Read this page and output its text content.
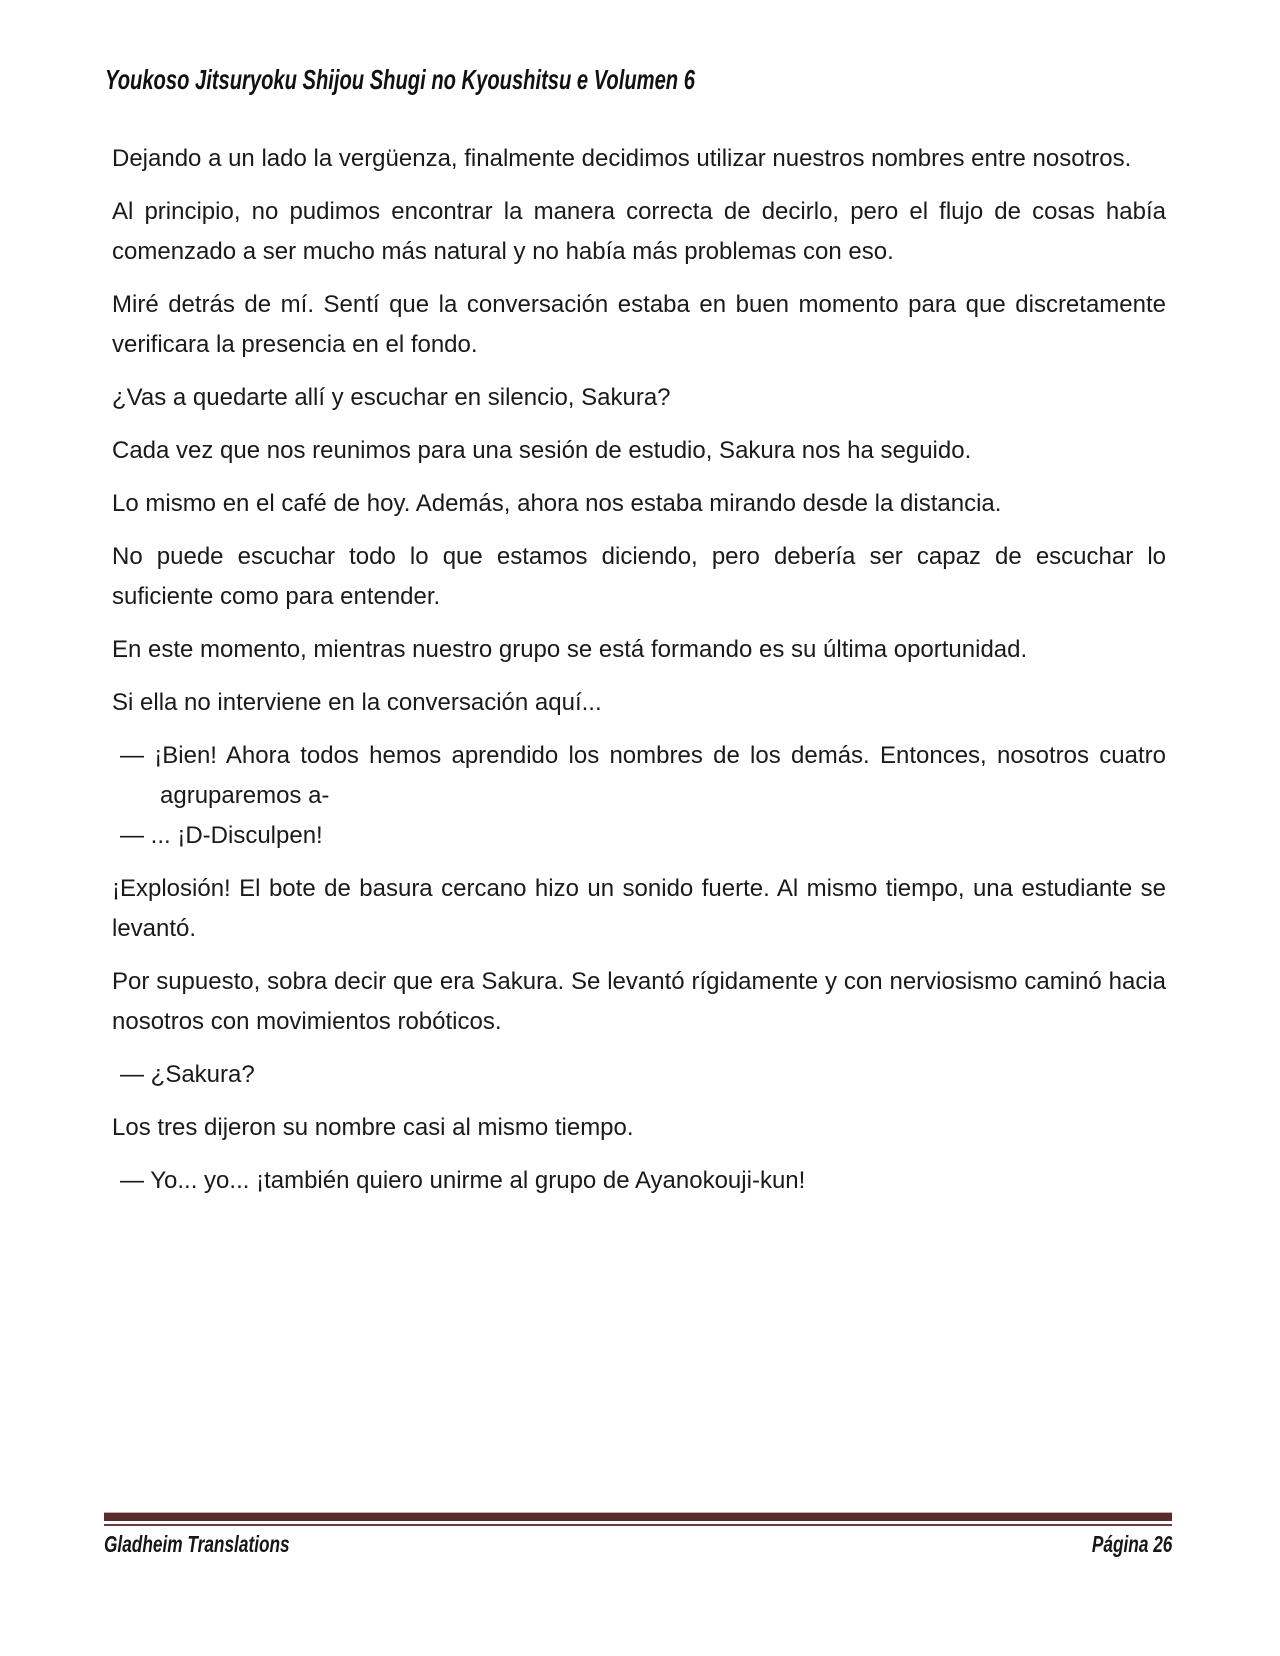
Youkoso Jitsuryoku Shijou Shugi no Kyoushitsu e Volumen 6

Dejando a un lado la vergüenza, finalmente decidimos utilizar nuestros nombres entre nosotros.

Al principio, no pudimos encontrar la manera correcta de decirlo, pero el flujo de cosas había comenzado a ser mucho más natural y no había más problemas con eso.

Miré detrás de mí. Sentí que la conversación estaba en buen momento para que discretamente verificara la presencia en el fondo.

¿Vas a quedarte allí y escuchar en silencio, Sakura?

Cada vez que nos reunimos para una sesión de estudio, Sakura nos ha seguido.

Lo mismo en el café de hoy. Además, ahora nos estaba mirando desde la distancia.

No puede escuchar todo lo que estamos diciendo, pero debería ser capaz de escuchar lo suficiente como para entender.

En este momento, mientras nuestro grupo se está formando es su última oportunidad.

Si ella no interviene en la conversación aquí...

— ¡Bien! Ahora todos hemos aprendido los nombres de los demás. Entonces, nosotros cuatro agruparemos a-

— ... ¡D-Disculpen!

¡Explosión! El bote de basura cercano hizo un sonido fuerte. Al mismo tiempo, una estudiante se levantó.

Por supuesto, sobra decir que era Sakura. Se levantó rígidamente y con nerviosismo caminó hacia nosotros con movimientos robóticos.

— ¿Sakura?

Los tres dijeron su nombre casi al mismo tiempo.

— Yo... yo... ¡también quiero unirme al grupo de Ayanokouji-kun!

Gladheim Translations	Página 26
